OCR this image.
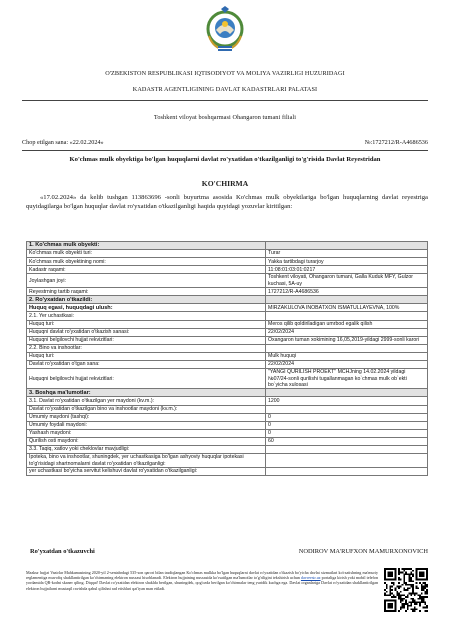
O'ZBEKISTON RESPUBLIKASI IQTISODIYOT VA MOLIYA VAZIRLIGI HUZURIDAGI
KADASTR AGENTLIGINING DAVLAT KADASTRLARI PALATASI
Toshkent viloyat boshqarmasi Ohangaron tumani filiali
Chop etilgan sana: «22.02.2024»	№:1727212/R-A4686536
Ko'chmas mulk obyektiga bo'lgan huquqlarni davlat ro'yxatidan o'tkazilganligi to'g'risida Davlat Reyestridan
KO'CHIRMA
«17.02.2024» da kelib tushgan 113863696 -sonli buyurtma asosida Ko'chmas mulk obyektlariga bo'lgan huquqlarning davlat reyestriga quyidagilarga bo'lgan huquqlar davlat ro'yxatidan o'tkazilganligi haqida quyidagi yozuvlar kiritilgan:
1. Ko'chmas mulk obyekti:	
Ko'chmas mulk obyekti turi:	Turar
Ko'chmas mulk obyektining nomi:	Yakka tartibdagi turarjoy
Kadastr raqami:	11:08:01:03:01:0217
Joylashgan joyi:	Toshkent viloyati, Ohangaron tumani, Galla Kuduk MFY, Gulzor kuchasi, 5A-uy
Reyestrning tartib raqami:	1727212/R-A4686536
2. Ro'yxatdan o'tkazildi:	
Huquq egasi, huquqdagi ulush:	MIRZAKULOVA INOBATXON ISMATULLAYEVNA, 100%
2.1. Yer uchastkasi:	
Huquq turi:	Meros qilib qoldiriladigan umrbod egalik qilish
Huquqni davlat ro'yxatidan o'tkazish sanasi:	22/02/2024
Huquqni belgilovchi hujjat rekvizitlari:	Oxangaron tuman xokimining 16,05,2019-yildagi 2999-sonli karori
2.2. Bino va inshootlar:	
Huquq turi:	Mulk huquqi
Davlat ro'yxatidan o'tgan sana:	22/02/2024
Huquqni belgilovchi hujjat rekvizitlari:	"YANGI QURILISH PROEKT" MCHJning 14.02.2024 yildagi №07/24-sonli qurilishi tugallanmagan ko`chmas mulk ob`ekti bo`yicha xulosasi
3. Boshqa ma'lumotlar:	
3.1. Davlat ro'yxatidan o'tkazilgan yer maydoni (kv.m.):	1200
Davlat ro'yxatidan o'tkazilgan bino va inshootlar maydoni (kv.m.):	
Umumiy maydoni (tashqi):	0
Umumiy foydali maydoni:	0
Yashash maydoni:	0
Qurilish osti maydoni:	60
3.3. Taqiq, xatlov yoki cheklovlar mavjudligi:	
Ipoteka, bino va inshootlar, shuningdek, yer uchastkasiga bo'lgan ashyoviy huquqlar ipotekasi to'g'risidagi shartnomalarni davlat ro'yxatidan o'tkazilganligi:	
yer uchastkasi bo'yicha servitut kelishuvi davlat ro'yxatidan o'tkazilganligi:	
Ro'yxatdan o'tkazuvchi	NODIROV MA'RUFXON MAMURXONOVICH
Mazkur hujjat Vazirlar Mahkamasining 2020-yil 2-sentabrdagi 535-son qarori bilan tasdiqlangan Ko'chmas mulkka bo'lgan huquqlarni davlat ro'yxatidan o'tkazish bo'yicha davlat xizmatlari ko'rsatishning ma'muriy reglamentiga muvofiq shakllantirilgan ko'chirmaning elektron nusxasi hisoblanadi. Elektron hujjatning nusxasida ko'rsatilgan ma'lumotlar to'g'riligini tekshirish uchun davreestr.uz portaliga kirish yoki mobil telefon yordamida QR-kodni skaner qiling. Diqqat! Davlat ro'yxatidan elektron shaklda berilgan, shuningdek, qog'ozda berilgan ko'chirmalar teng yuridik kuchga ega. Davlat organlariga Davlat ro'yxatidan shakllantirilgan elektron hujjatlarni mustaqil ravishda qabul qilishni rad etishlari qat'iyan man etiladi.
